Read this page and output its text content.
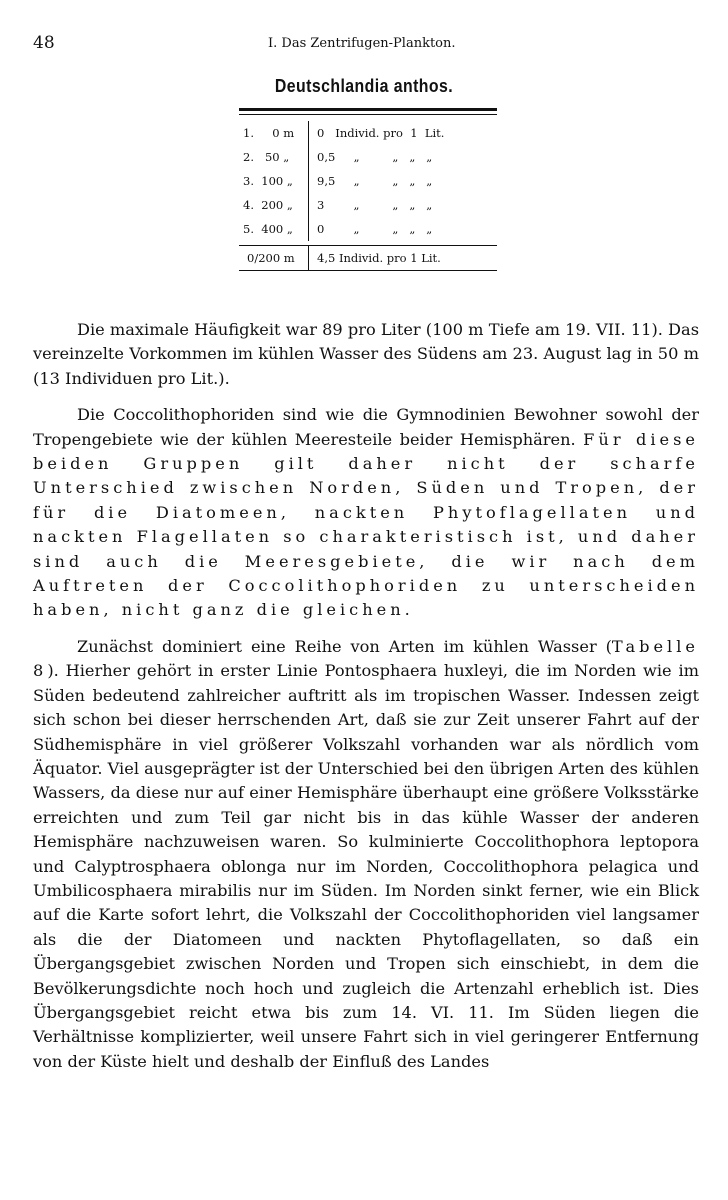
48	I. Das Zentrifugen-Plankton.
Deutschlandia anthos.
1.     0 m	0   Individ. pro  1  Lit.
2.   50 „	0,5     „         „   „   „
3.  100 „	9,5     „         „   „   „
4.  200 „	3        „         „   „   „
5.  400 „	0        „         „   „   „
0/200 m	4,5 Individ. pro 1 Lit.

Die maximale Häufigkeit war 89 pro Liter (100 m Tiefe am 19. VII. 11). Das vereinzelte Vorkommen im kühlen Wasser des Südens am 23. August lag in 50 m (13 Individuen pro Lit.).

Die Coccolithophoriden sind wie die Gymnodinien Bewohner sowohl der Tropengebiete wie der kühlen Meeresteile beider Hemisphären. Für diese beiden Gruppen gilt daher nicht der scharfe Unterschied zwischen Norden, Süden und Tropen, der für die Diatomeen, nackten Phytoflagellaten und nackten Flagellaten so charakteristisch ist, und daher sind auch die Meeresgebiete, die wir nach dem Auftreten der Coccolithophoriden zu unterscheiden haben, nicht ganz die gleichen.

Zunächst dominiert eine Reihe von Arten im kühlen Wasser (Tabelle 8). Hierher gehört in erster Linie Pontosphaera huxleyi, die im Norden wie im Süden bedeutend zahlreicher auftritt als im tropischen Wasser. Indessen zeigt sich schon bei dieser herrschenden Art, daß sie zur Zeit unserer Fahrt auf der Südhemisphäre in viel größerer Volkszahl vorhanden war als nördlich vom Äquator. Viel ausgeprägter ist der Unterschied bei den übrigen Arten des kühlen Wassers, da diese nur auf einer Hemisphäre überhaupt eine größere Volksstärke erreichten und zum Teil gar nicht bis in das kühle Wasser der anderen Hemisphäre nachzuweisen waren. So kulminierte Coccolithophora leptopora und Calyptrosphaera oblonga nur im Norden, Coccolithophora pelagica und Umbilicosphaera mirabilis nur im Süden. Im Norden sinkt ferner, wie ein Blick auf die Karte sofort lehrt, die Volkszahl der Coccolithophoriden viel langsamer als die der Diatomeen und nackten Phytoflagellaten, so daß ein Übergangsgebiet zwischen Norden und Tropen sich einschiebt, in dem die Bevölkerungsdichte noch hoch und zugleich die Artenzahl erheblich ist. Dies Übergangsgebiet reicht etwa bis zum 14. VI. 11. Im Süden liegen die Verhältnisse komplizierter, weil unsere Fahrt sich in viel geringerer Entfernung von der Küste hielt und deshalb der Einfluß des Landes
